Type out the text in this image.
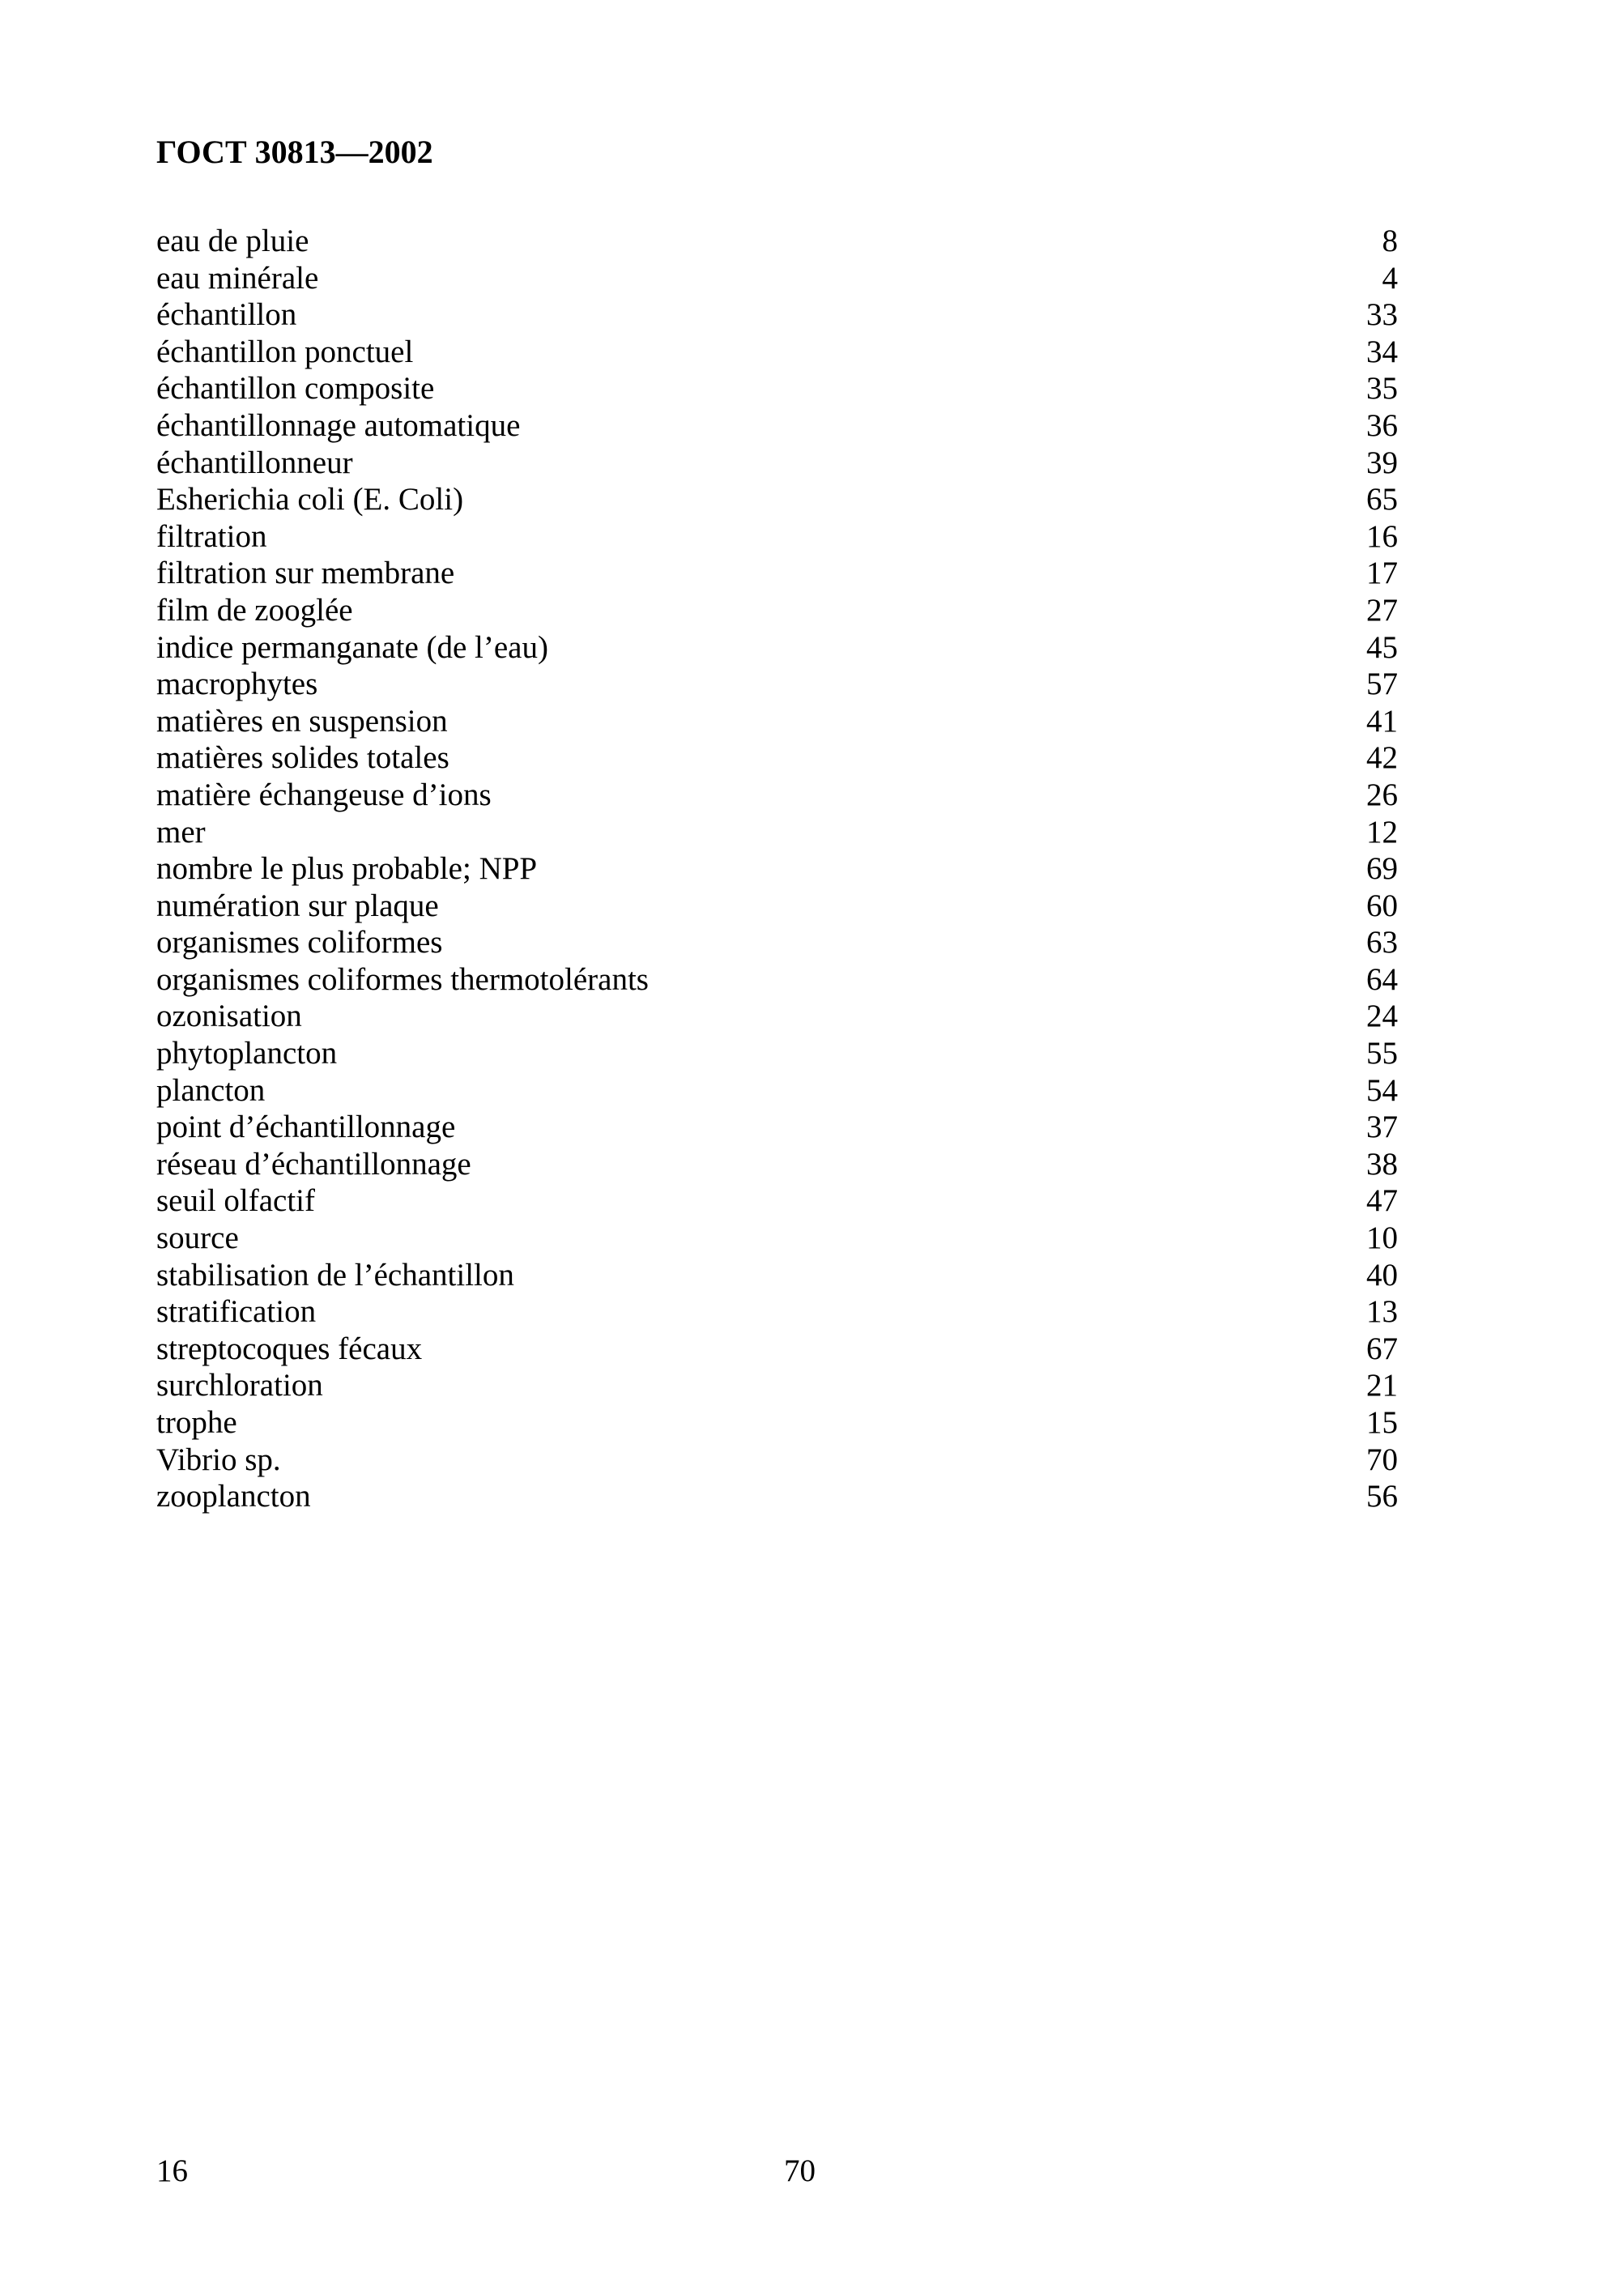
ГОСТ 30813—2002
eau de pluie	8
eau minérale	4
échantillon	33
échantillon ponctuel	34
échantillon composite	35
échantillonnage automatique	36
échantillonneur	39
Esherichia coli (E. Coli)	65
filtration	16
filtration sur membrane	17
film de zooglée	27
indice permanganate (de l’eau)	45
macrophytes	57
matières en suspension	41
matières solides totales	42
matière échangeuse d’ions	26
mer	12
nombre le plus probable; NPP	69
numération sur plaque	60
organismes coliformes	63
organismes coliformes thermotolérants	64
ozonisation	24
phytoplancton	55
plancton	54
point d’échantillonnage	37
réseau d’échantillonnage	38
seuil olfactif	47
source	10
stabilisation de l’échantillon	40
stratification	13
streptocoques fécaux	67
surchloration	21
trophe	15
Vibrio sp.	70
zooplancton	56
16	70
